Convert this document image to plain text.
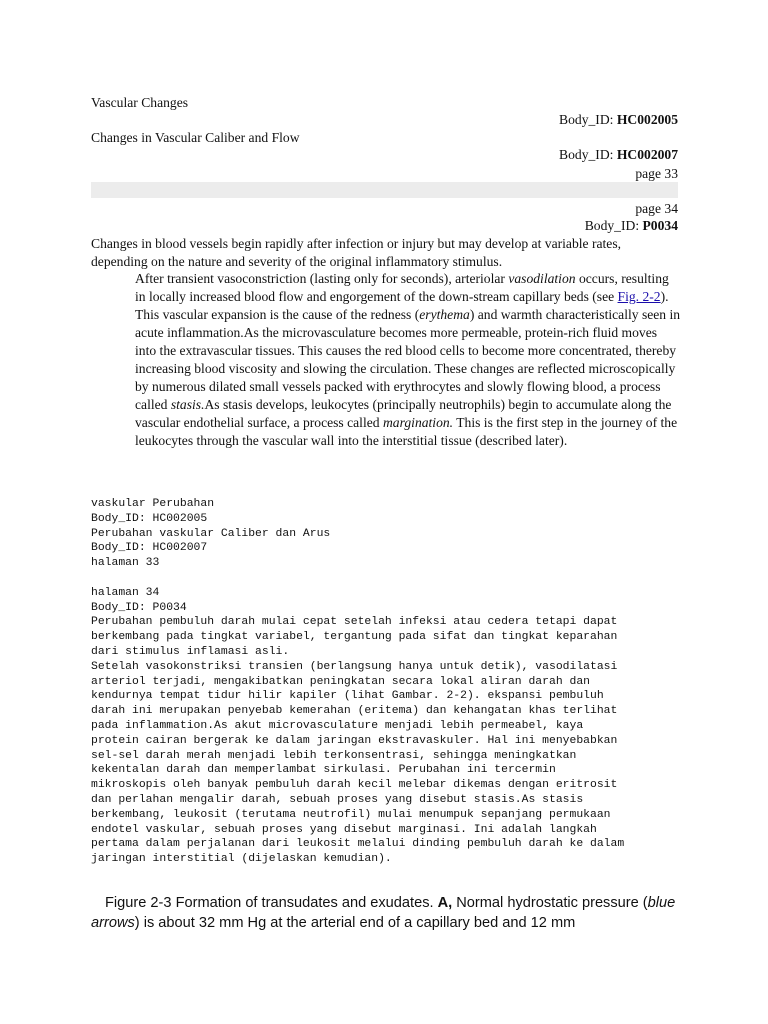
Vascular Changes
Body_ID: HC002005
Changes in Vascular Caliber and Flow
Body_ID: HC002007
page 33
page 34
Body_ID: P0034
Changes in blood vessels begin rapidly after infection or injury but may develop at variable rates, depending on the nature and severity of the original inflammatory stimulus.
After transient vasoconstriction (lasting only for seconds), arteriolar vasodilation occurs, resulting in locally increased blood flow and engorgement of the down-stream capillary beds (see Fig. 2-2). This vascular expansion is the cause of the redness (erythema) and warmth characteristically seen in acute inflammation.As the microvasculature becomes more permeable, protein-rich fluid moves into the extravascular tissues. This causes the red blood cells to become more concentrated, thereby increasing blood viscosity and slowing the circulation. These changes are reflected microscopically by numerous dilated small vessels packed with erythrocytes and slowly flowing blood, a process called stasis.As stasis develops, leukocytes (principally neutrophils) begin to accumulate along the vascular endothelial surface, a process called margination. This is the first step in the journey of the leukocytes through the vascular wall into the interstitial tissue (described later).
vaskular Perubahan
Body_ID: HC002005
Perubahan vaskular Caliber dan Arus
Body_ID: HC002007
halaman 33

halaman 34
Body_ID: P0034
Perubahan pembuluh darah mulai cepat setelah infeksi atau cedera tetapi dapat
berkembang pada tingkat variabel, tergantung pada sifat dan tingkat keparahan
dari stimulus inflamasi asli.
Setelah vasokonstriksi transien (berlangsung hanya untuk detik), vasodilatasi
arteriol terjadi, mengakibatkan peningkatan secara lokal aliran darah dan
kendurnya tempat tidur hilir kapiler (lihat Gambar. 2-2). ekspansi pembuluh
darah ini merupakan penyebab kemerahan (eritema) dan kehangatan khas terlihat
pada inflammation.As akut microvasculature menjadi lebih permeabel, kaya
protein cairan bergerak ke dalam jaringan ekstravaskuler. Hal ini menyebabkan
sel-sel darah merah menjadi lebih terkonsentrasi, sehingga meningkatkan
kekentalan darah dan memperlambat sirkulasi. Perubahan ini tercermin
mikroskopis oleh banyak pembuluh darah kecil melebar dikemas dengan eritrosit
dan perlahan mengalir darah, sebuah proses yang disebut stasis.As stasis
berkembang, leukosit (terutama neutrofil) mulai menumpuk sepanjang permukaan
endotel vaskular, sebuah proses yang disebut marginasi. Ini adalah langkah
pertama dalam perjalanan dari leukosit melalui dinding pembuluh darah ke dalam
jaringan interstitial (dijelaskan kemudian).
Figure 2-3 Formation of transudates and exudates. A, Normal hydrostatic pressure (blue arrows) is about 32 mm Hg at the arterial end of a capillary bed and 12 mm
